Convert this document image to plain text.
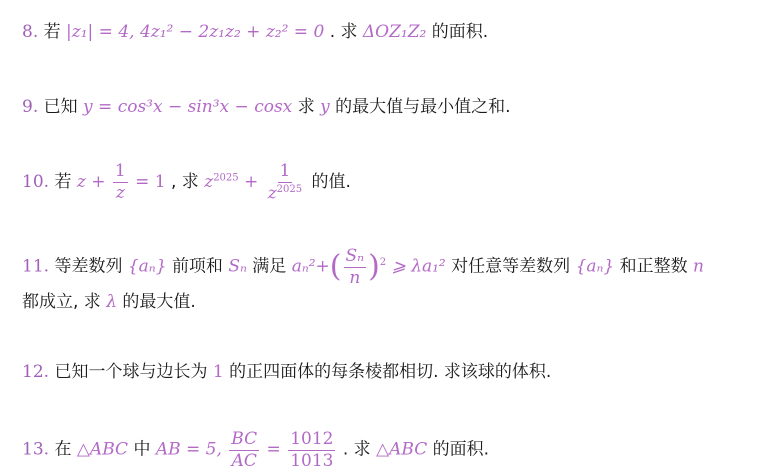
8. 若 |z₁| = 4, 4z₁² − 2z₁z₂ + z₂² = 0 . 求 ΔOZ₁Z₂ 的面积.
9. 已知 y = cos³x − sin³x − cosx 求 y 的最大值与最小值之和.
10. 若 $z + \frac{1}{z} = 1$ , 求 $z^{2025} + \frac{1}{z^{2025}}$ 的值.
11. 等差数列 {aₙ} 前项和 Sₙ 满足 $a_n^2+( \frac{\text{Sₙ}}{n} )^2$ ⩾ λa₁² 对任意等差数列 {aₙ} 和正整数 n
都成立, 求 λ 的最大值.
12. 已知一个球与边长为 1 的正四面体的每条棱都相切. 求该球的体积.
13. 在 △ABC 中 AB = 5, $\frac{BC}{AC} = \frac{1012}{1013}$ . 求 △ABC 的面积.
